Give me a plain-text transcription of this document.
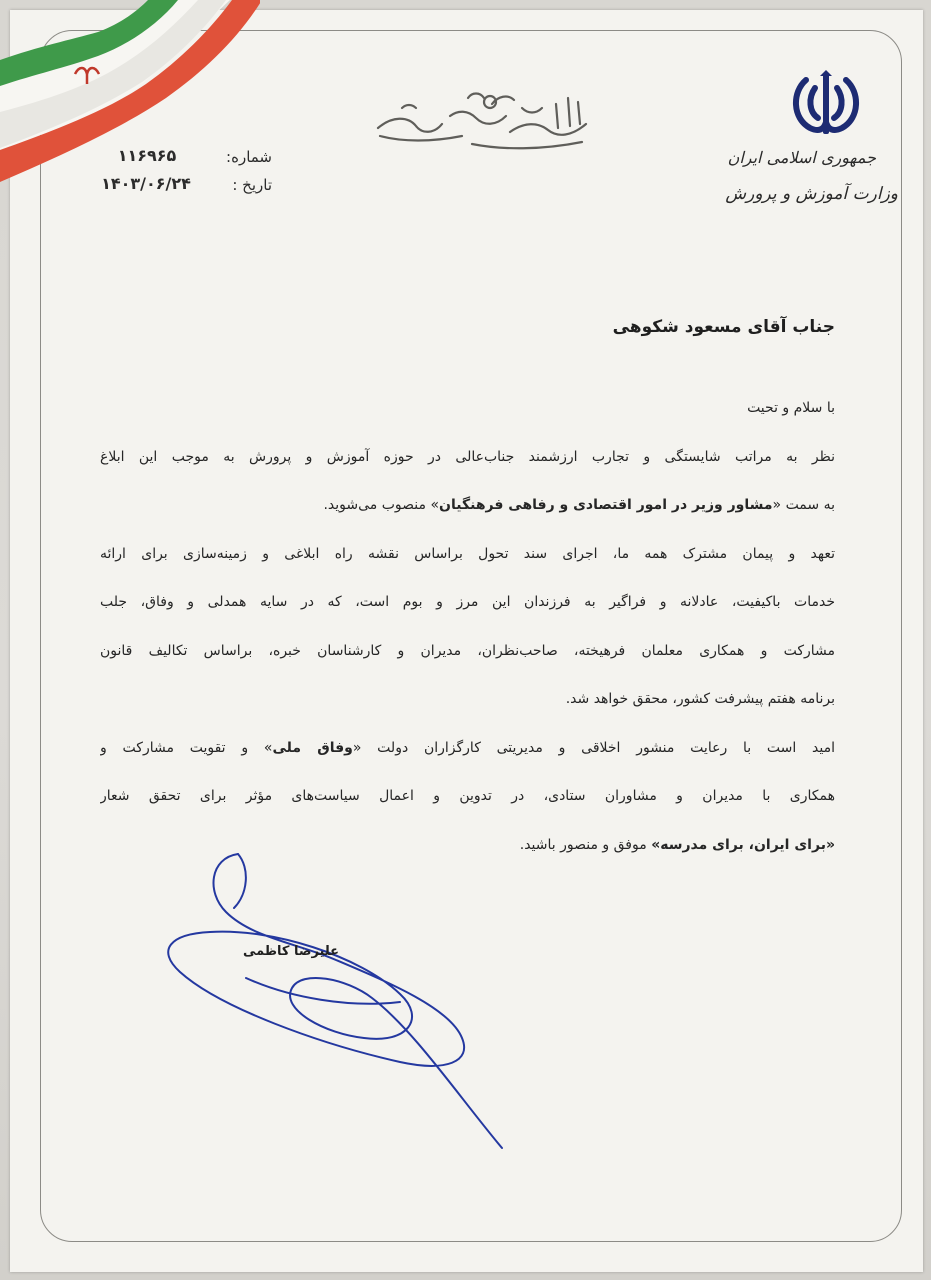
جمهوری اسلامی ایران
وزارت آموزش و پرورش
شماره:
۱۱۶۹۶۵
تاریخ :
۱۴۰۳/۰۶/۲۴
جناب آقای مسعود شکوهی
با سلام و تحیت
نظر به مراتب شایستگی و تجارب ارزشمند جناب‌عالی در حوزه آموزش و پرورش به موجب این ابلاغ
به سمت «مشاور وزیر در امور اقتصادی و رفاهی فرهنگیان» منصوب می‌شوید.
تعهد و پیمان مشترک همه ما، اجرای سند تحول براساس نقشه راه ابلاغی و زمینه‌سازی برای ارائه
خدمات باکیفیت، عادلانه و فراگیر به فرزندان این مرز و بوم است، که در سایه همدلی و وفاق، جلب
مشارکت و همکاری معلمان فرهیخته، صاحب‌نظران، مدیران و کارشناسان خبره، براساس تکالیف قانون
برنامه هفتم پیشرفت کشور، محقق خواهد شد.
امید است با رعایت منشور اخلاقی و مدیریتی کارگزاران دولت «وفاق ملی» و تقویت مشارکت و
همکاری با مدیران و مشاوران ستادی، در تدوین و اعمال سیاست‌های مؤثر برای تحقق شعار
«برای ایران، برای مدرسه» موفق و منصور باشید.
علیرضا کاظمی
